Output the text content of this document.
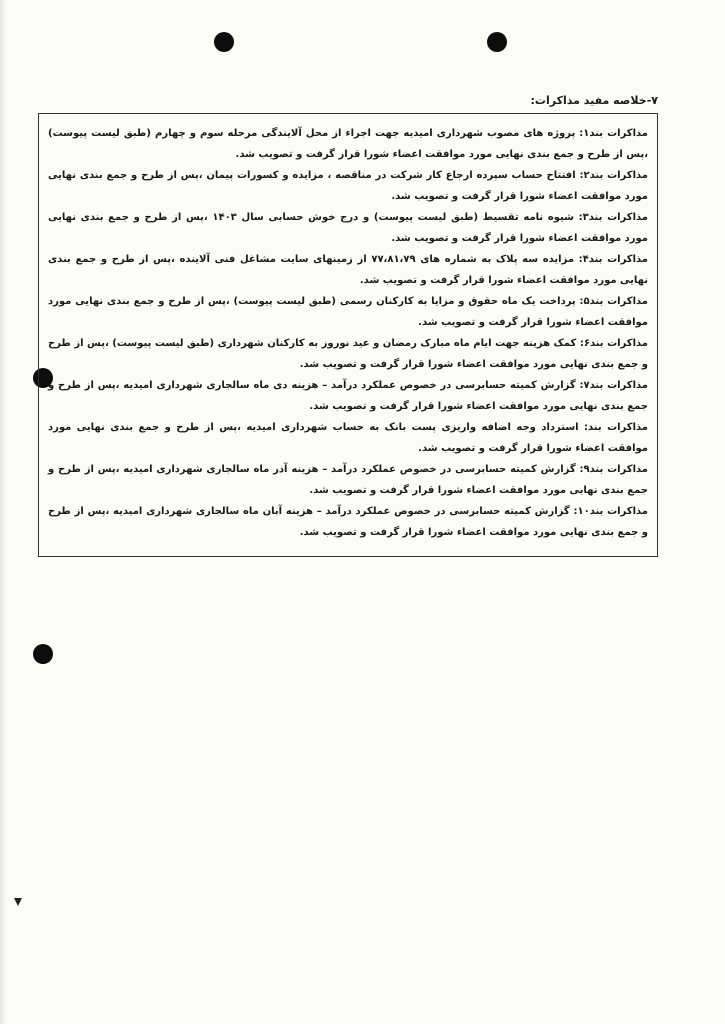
۷-خلاصه مفید مذاکرات:
مذاکرات بند۱: پروژه های مصوب شهرداری امیدیه جهت اجراء از محل آلایندگی مرحله سوم و چهارم (طبق لیست پیوست) ،پس از طرح و جمع بندی نهایی مورد موافقت اعضاء شورا قرار گرفت و تصویب شد.
مذاکرات بند۲: افتتاح حساب سپرده ارجاع کار شرکت در مناقصه ، مزایده و کسورات پیمان ،پس از طرح و جمع بندی نهایی مورد موافقت اعضاء شورا قرار گرفت و تصویب شد.
مذاکرات بند۳: شیوه نامه تقسیط (طبق لیست پیوست) و درج خوش حسابی سال ۱۴۰۳ ،پس از طرح و جمع بندی نهایی مورد موافقت اعضاء شورا قرار گرفت و تصویب شد.
مذاکرات بند۴: مزایده سه پلاک به شماره های ۷۷،۸۱،۷۹ از زمینهای سایت مشاغل فنی آلاینده ،پس از طرح و جمع بندی نهایی مورد موافقت اعضاء شورا قرار گرفت و تصویب شد.
مذاکرات بند۵: پرداخت یک ماه حقوق و مزایا به کارکنان رسمی (طبق لیست پیوست) ،پس از طرح و جمع بندی نهایی مورد موافقت اعضاء شورا قرار گرفت و تصویب شد.
مذاکرات بند۶: کمک هزینه جهت ایام ماه مبارک رمضان و عید نوروز به کارکنان شهرداری (طبق لیست پیوست) ،پس از طرح و جمع بندی نهایی مورد موافقت اعضاء شورا قرار گرفت و تصویب شد.
مذاکرات بند۷: گزارش کمیته حسابرسی در خصوص عملکرد درآمد – هزینه دی ماه سالجاری شهرداری امیدیه ،پس از طرح و جمع بندی نهایی مورد موافقت اعضاء شورا قرار گرفت و تصویب شد.
مذاکرات بند: استرداد وجه اضافه واریزی پست بانک به حساب شهرداری امیدیه ،پس از طرح و جمع بندی نهایی مورد موافقت اعضاء شورا قرار گرفت و تصویب شد.
مذاکرات بند۹: گزارش کمیته حسابرسی در خصوص عملکرد درآمد – هزینه آذر ماه سالجاری شهرداری امیدیه ،پس از طرح و جمع بندی نهایی مورد موافقت اعضاء شورا قرار گرفت و تصویب شد.
مذاکرات بند۱۰: گزارش کمیته حسابرسی در خصوص عملکرد درآمد – هزینه آبان ماه سالجاری شهرداری امیدیه ،پس از طرح و جمع بندی نهایی مورد موافقت اعضاء شورا قرار گرفت و تصویب شد.
